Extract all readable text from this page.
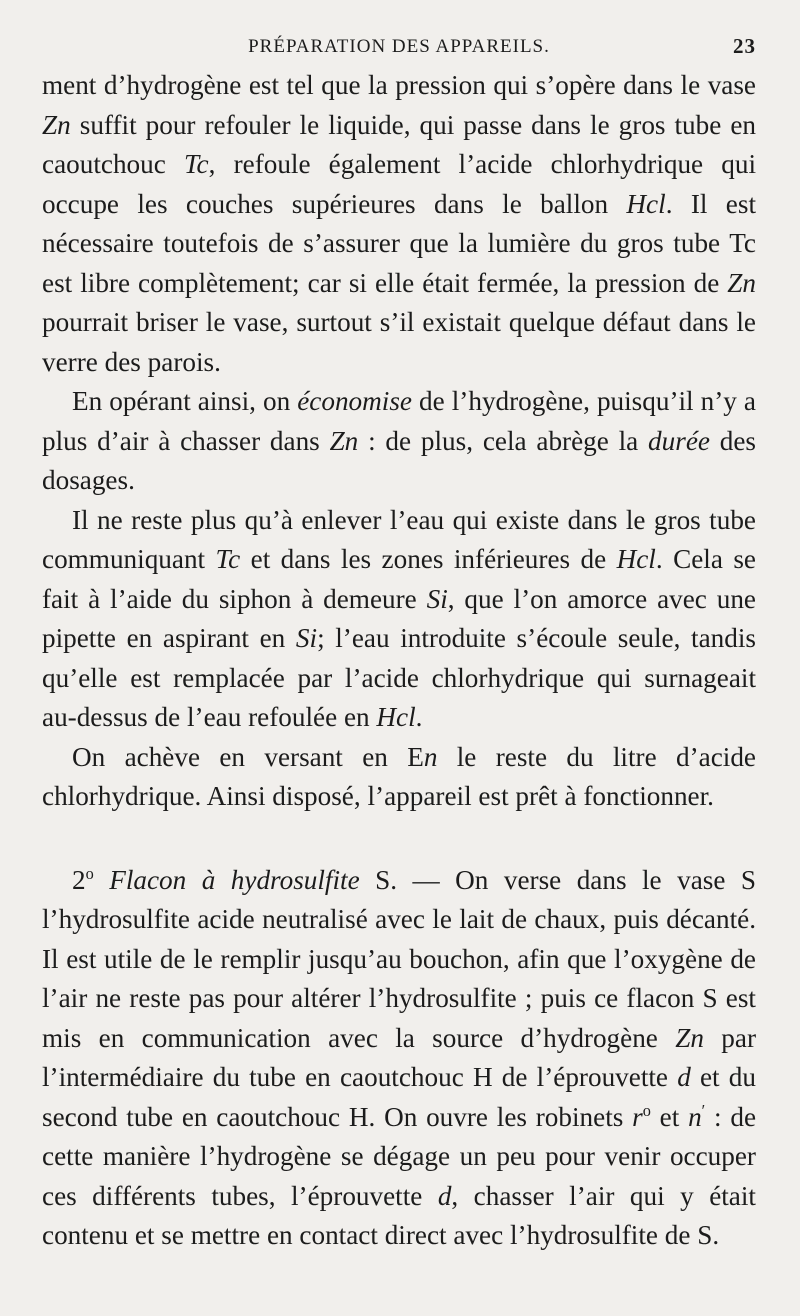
PRÉPARATION DES APPAREILS.	23

ment d’hydrogène est tel que la pression qui s’opère dans le vase Zn suffit pour refouler le liquide, qui passe dans le gros tube en caoutchouc Tc, refoule également l’acide chlorhydrique qui occupe les couches supérieures dans le ballon Hcl. Il est nécessaire toutefois de s’assurer que la lumière du gros tube Tc est libre complètement; car si elle était fermée, la pression de Zn pourrait briser le vase, surtout s’il existait quelque défaut dans le verre des parois.

En opérant ainsi, on économise de l’hydrogène, puisqu’il n’y a plus d’air à chasser dans Zn : de plus, cela abrège la durée des dosages.

Il ne reste plus qu’à enlever l’eau qui existe dans le gros tube communiquant Tc et dans les zones inférieures de Hcl. Cela se fait à l’aide du siphon à demeure Si, que l’on amorce avec une pipette en aspirant en Si; l’eau introduite s’écoule seule, tandis qu’elle est remplacée par l’acide chlorhydrique qui surnageait au-dessus de l’eau refoulée en Hcl.

On achève en versant en En le reste du litre d’acide chlorhydrique. Ainsi disposé, l’appareil est prêt à fonctionner.

2$^o$ Flacon à hydrosulfite S. — On verse dans le vase S l’hydrosulfite acide neutralisé avec le lait de chaux, puis décanté. Il est utile de le remplir jusqu’au bouchon, afin que l’oxygène de l’air ne reste pas pour altérer l’hydrosulfite ; puis ce flacon S est mis en communication avec la source d’hydrogène Zn par l’intermédiaire du tube en caoutchouc H de l’éprouvette d et du second tube en caoutchouc H. On ouvre les robinets $r^o$ et n′ : de cette manière l’hydrogène se dégage un peu pour venir occuper ces différents tubes, l’éprouvette d, chasser l’air qui y était contenu et se mettre en contact direct avec l’hydrosulfite de S.
